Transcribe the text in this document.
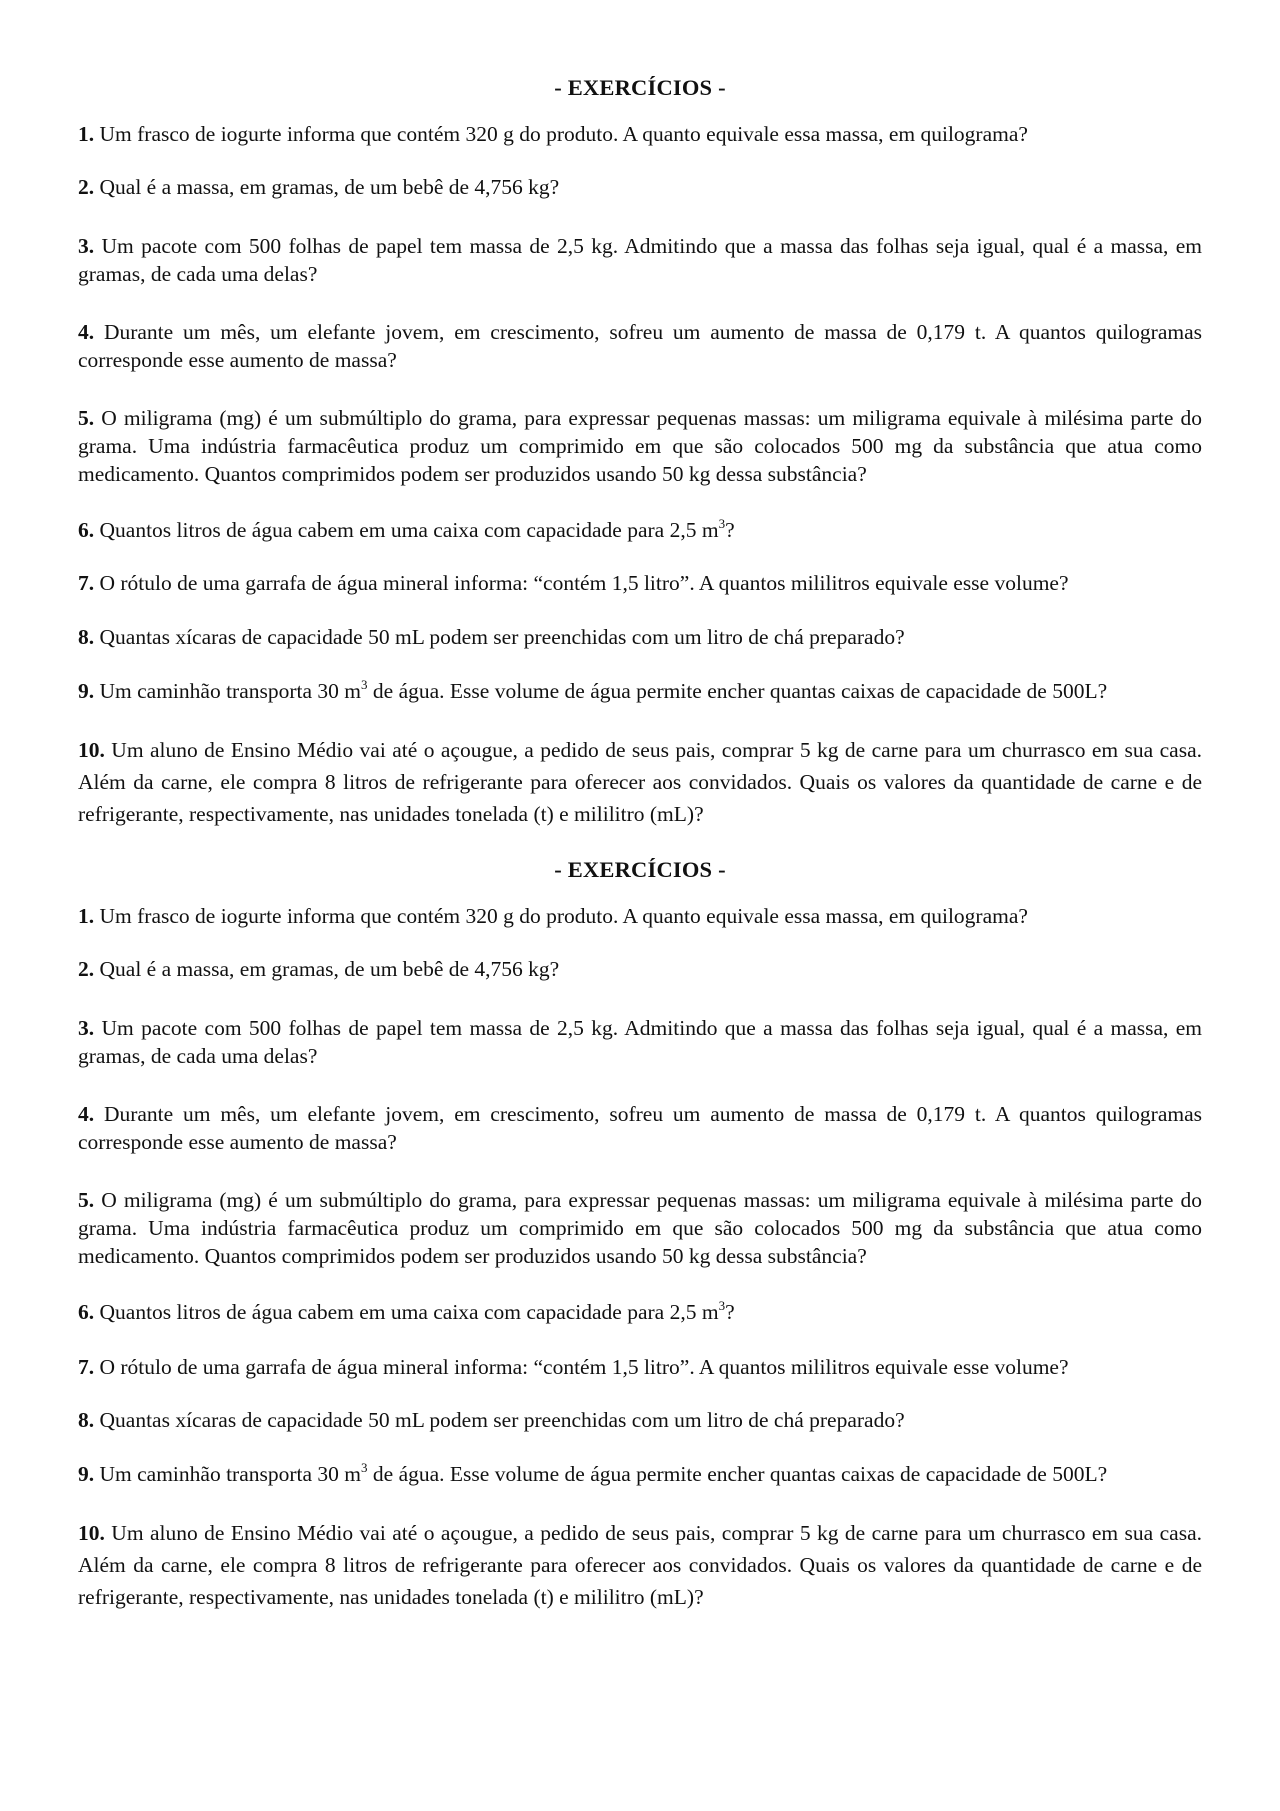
- EXERCÍCIOS -

1. Um frasco de iogurte informa que contém 320 g do produto. A quanto equivale essa massa, em quilograma?

2. Qual é a massa, em gramas, de um bebê de 4,756 kg?

3. Um pacote com 500 folhas de papel tem massa de 2,5 kg. Admitindo que a massa das folhas seja igual, qual é a massa, em gramas, de cada uma delas?

4. Durante um mês, um elefante jovem, em crescimento, sofreu um aumento de massa de 0,179 t. A quantos quilogramas corresponde esse aumento de massa?

5. O miligrama (mg) é um submúltiplo do grama, para expressar pequenas massas: um miligrama equivale à milésima parte do grama. Uma indústria farmacêutica produz um comprimido em que são colocados 500 mg da substância que atua como medicamento. Quantos comprimidos podem ser produzidos usando 50 kg dessa substância?

6. Quantos litros de água cabem em uma caixa com capacidade para 2,5 $m^3$?

7. O rótulo de uma garrafa de água mineral informa: “contém 1,5 litro”. A quantos mililitros equivale esse volume?

8. Quantas xícaras de capacidade 50 mL podem ser preenchidas com um litro de chá preparado?

9. Um caminhão transporta 30 $m^3$ de água. Esse volume de água permite encher quantas caixas de capacidade de 500L?

10. Um aluno de Ensino Médio vai até o açougue, a pedido de seus pais, comprar 5 kg de carne para um churrasco em sua casa. Além da carne, ele compra 8 litros de refrigerante para oferecer aos convidados. Quais os valores da quantidade de carne e de refrigerante, respectivamente, nas unidades tonelada (t) e mililitro (mL)?

- EXERCÍCIOS -

1. Um frasco de iogurte informa que contém 320 g do produto. A quanto equivale essa massa, em quilograma?

2. Qual é a massa, em gramas, de um bebê de 4,756 kg?

3. Um pacote com 500 folhas de papel tem massa de 2,5 kg. Admitindo que a massa das folhas seja igual, qual é a massa, em gramas, de cada uma delas?

4. Durante um mês, um elefante jovem, em crescimento, sofreu um aumento de massa de 0,179 t. A quantos quilogramas corresponde esse aumento de massa?

5. O miligrama (mg) é um submúltiplo do grama, para expressar pequenas massas: um miligrama equivale à milésima parte do grama. Uma indústria farmacêutica produz um comprimido em que são colocados 500 mg da substância que atua como medicamento. Quantos comprimidos podem ser produzidos usando 50 kg dessa substância?

6. Quantos litros de água cabem em uma caixa com capacidade para 2,5 $m^3$?

7. O rótulo de uma garrafa de água mineral informa: “contém 1,5 litro”. A quantos mililitros equivale esse volume?

8. Quantas xícaras de capacidade 50 mL podem ser preenchidas com um litro de chá preparado?

9. Um caminhão transporta 30 $m^3$ de água. Esse volume de água permite encher quantas caixas de capacidade de 500L?

10. Um aluno de Ensino Médio vai até o açougue, a pedido de seus pais, comprar 5 kg de carne para um churrasco em sua casa. Além da carne, ele compra 8 litros de refrigerante para oferecer aos convidados. Quais os valores da quantidade de carne e de refrigerante, respectivamente, nas unidades tonelada (t) e mililitro (mL)?
